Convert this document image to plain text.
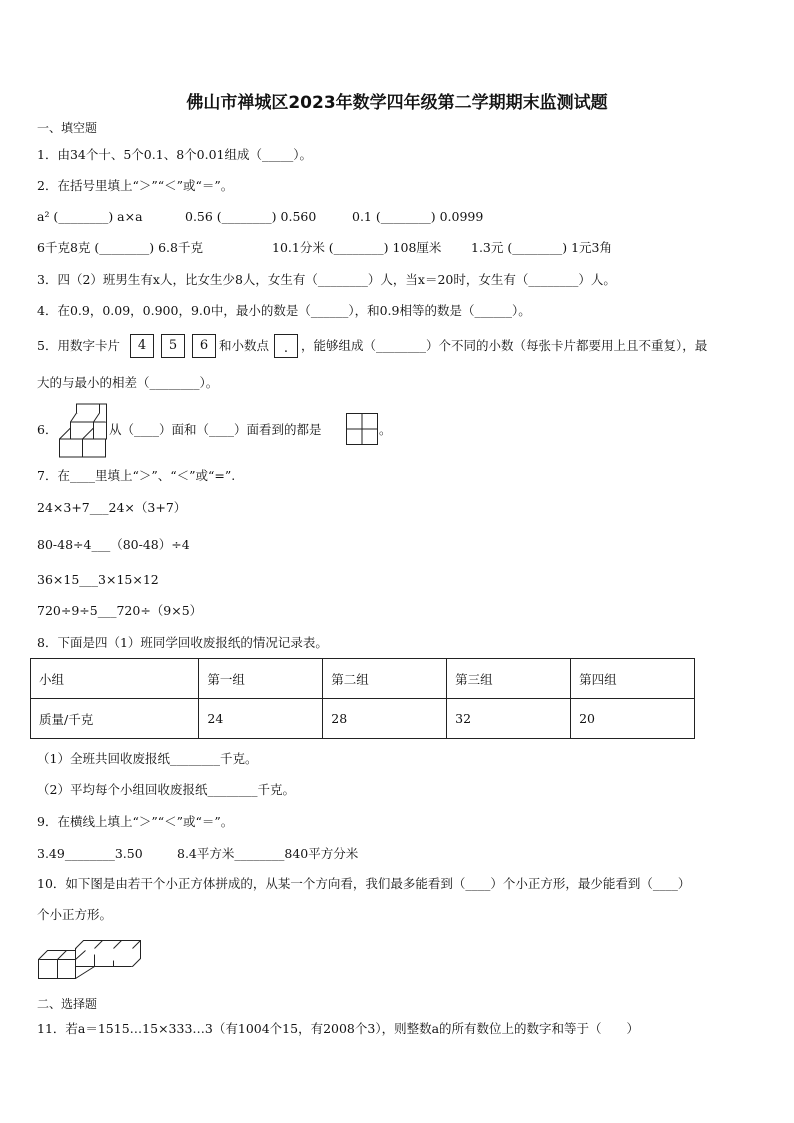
佛山市禅城区2023年数学四年级第二学期期末监测试题
一、填空题
1．由34个十、5个0.1、8个0.01组成（_____）。
2．在括号里填上“＞”“＜”或“＝”。
a² (________) a×a	0.56 (________) 0.560	0.1 (________) 0.0999
6千克8克 (________) 6.8千克	10.1分米 (________) 108厘米 1.3元 (________) 1元3角
3．四（2）班男生有x人，比女生少8人，女生有（________）人，当x＝20时，女生有（________）人。
4．在0.9，0.09，0.900，9.0中，最小的数是（______），和0.9相等的数是（______）。
5．用数字卡片	4	5	6 和小数点	.	，能够组成（________）个不同的小数（每张卡片都要用上且不重复），最
大的与最小的相差（________）。
6．	从（____）面和（____）面看到的都是	。
7．在____里填上“＞”、“＜”或“=”.
24×3+7___24×（3+7）
80-48÷4___（80-48）÷4
36×15___3×15×12
720÷9÷5___720÷（9×5）
8．下面是四（1）班同学回收废报纸的情况记录表。
小组	第一组	第二组	第三组	第四组
质量/千克	24	28	32	20
（1）全班共回收废报纸________千克。
（2）平均每个小组回收废报纸________千克。
9．在横线上填上“＞”“＜”或“＝”。
3.49________3.50	8.4平方米________840平方分米
10．如下图是由若干个小正方体拼成的，从某一个方向看，我们最多能看到（____）个小正方形，最少能看到（____）
个小正方形。
二、选择题
11．若a＝1515…15×333…3（有1004个15，有2008个3），则整数a的所有数位上的数字和等于（　　）
